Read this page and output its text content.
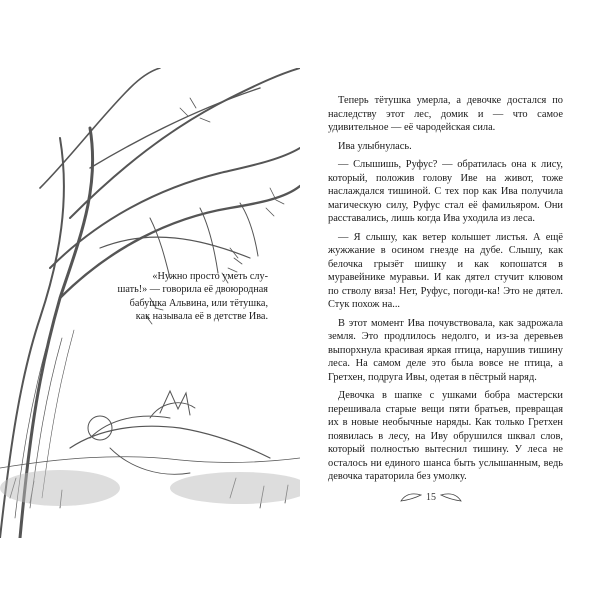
«Нужно просто уметь слу-

шать!» — говорила её двоюродная

бабушка Альвина, или тётушка,

как называла её в детстве Ива.

Теперь тётушка умерла, а девочке достался по наследству этот лес, домик и — что самое удивительное — её чародейская сила.

Ива улыбнулась.

— Слышишь, Руфус? — обратилась она к лису, который, положив голову Иве на живот, тоже наслаждался тишиной. С тех пор как Ива получила магическую силу, Руфус стал её фамильяром. Они расставались, лишь когда Ива уходила из леса.

— Я слышу, как ветер колышет листья. А ещё жужжание в осином гнезде на дубе. Слышу, как белочка грызёт шишку и как копошатся в муравейнике муравьи. И как дятел стучит клювом по стволу вяза! Нет, Руфус, погоди-ка! Это не дятел. Стук похож на...

В этот момент Ива почувствовала, как задрожала земля. Это продлилось недолго, и из-за деревьев выпорхнула красивая яркая птица, нарушив тишину леса. На самом деле это была вовсе не птица, а Гретхен, подруга Ивы, одетая в пёстрый наряд.

Девочка в шапке с ушками бобра мастерски перешивала старые вещи пяти братьев, превращая их в новые необычные наряды. Как только Гретхен появилась в лесу, на Иву обрушился шквал слов, который полностью вытеснил тишину. У леса не осталось ни единого шанса быть услышанным, ведь девочка тараторила без умолку.

15
